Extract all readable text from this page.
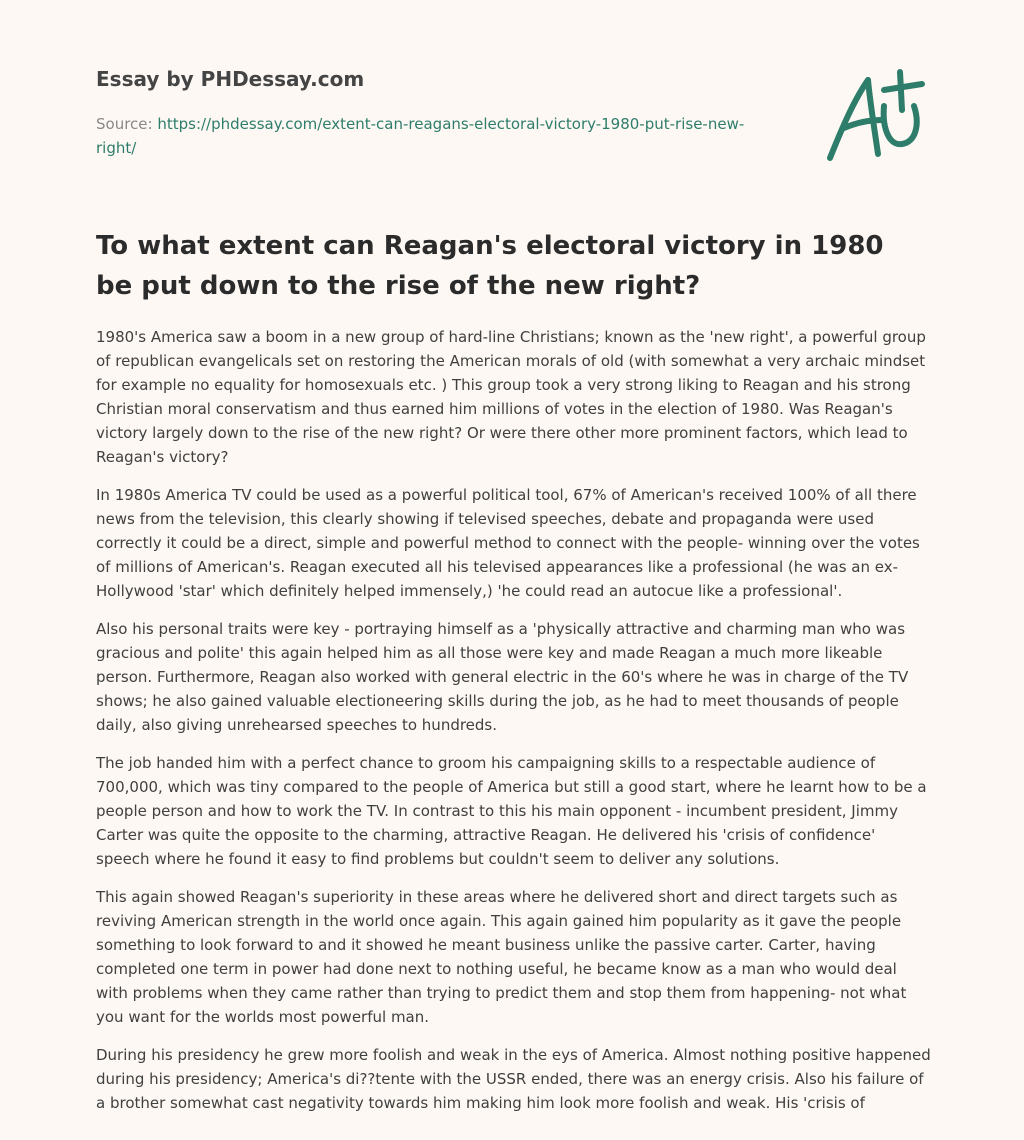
Essay by PHDessay.com

Source: https://phdessay.com/extent-can-reagans-electoral-victory-1980-put-rise-new-right/

To what extent can Reagan's electoral victory in 1980 be put down to the rise of the new right?

1980's America saw a boom in a new group of hard-line Christians; known as the 'new right', a powerful group of republican evangelicals set on restoring the American morals of old (with somewhat a very archaic mindset for example no equality for homosexuals etc. ) This group took a very strong liking to Reagan and his strong Christian moral conservatism and thus earned him millions of votes in the election of 1980. Was Reagan's victory largely down to the rise of the new right? Or were there other more prominent factors, which lead to Reagan's victory?

In 1980s America TV could be used as a powerful political tool, 67% of American's received 100% of all there news from the television, this clearly showing if televised speeches, debate and propaganda were used correctly it could be a direct, simple and powerful method to connect with the people- winning over the votes of millions of American's. Reagan executed all his televised appearances like a professional (he was an ex-Hollywood 'star' which definitely helped immensely,) 'he could read an autocue like a professional'.

Also his personal traits were key - portraying himself as a 'physically attractive and charming man who was gracious and polite' this again helped him as all those were key and made Reagan a much more likeable person. Furthermore, Reagan also worked with general electric in the 60's where he was in charge of the TV shows; he also gained valuable electioneering skills during the job, as he had to meet thousands of people daily, also giving unrehearsed speeches to hundreds.

The job handed him with a perfect chance to groom his campaigning skills to a respectable audience of 700,000, which was tiny compared to the people of America but still a good start, where he learnt how to be a people person and how to work the TV. In contrast to this his main opponent - incumbent president, Jimmy Carter was quite the opposite to the charming, attractive Reagan. He delivered his 'crisis of confidence' speech where he found it easy to find problems but couldn't seem to deliver any solutions.

This again showed Reagan's superiority in these areas where he delivered short and direct targets such as reviving American strength in the world once again. This again gained him popularity as it gave the people something to look forward to and it showed he meant business unlike the passive carter. Carter, having completed one term in power had done next to nothing useful, he became know as a man who would deal with problems when they came rather than trying to predict them and stop them from happening- not what you want for the worlds most powerful man.

During his presidency he grew more foolish and weak in the eys of America. Almost nothing positive happened during his presidency; America's di??tente with the USSR ended, there was an energy crisis. Also his failure of a brother somewhat cast negativity towards him making him look more foolish and weak. His 'crisis of
